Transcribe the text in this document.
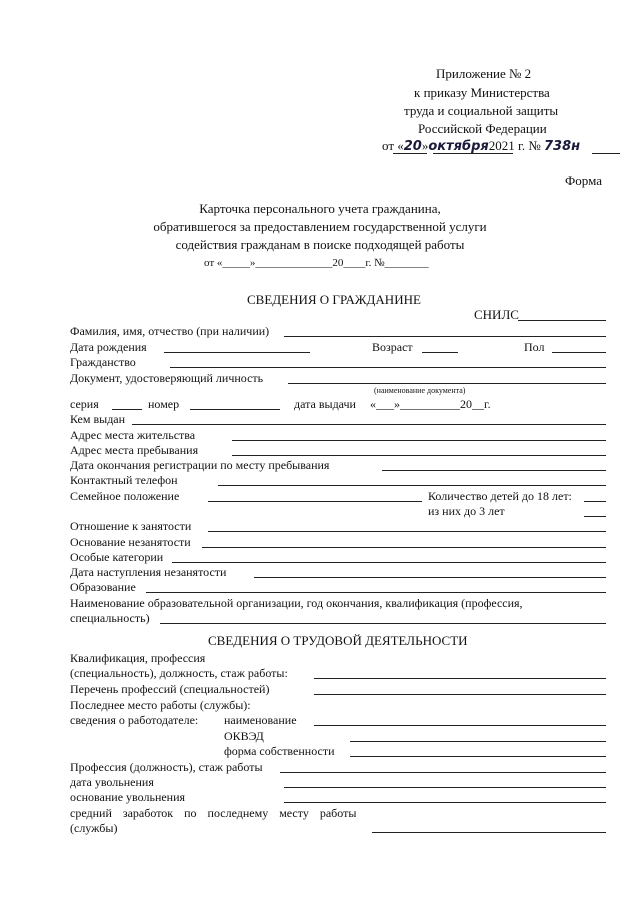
Приложение № 2
к приказу Министерства
труда и социальной защиты
Российской Федерации
от «20»октября2021 г. № 738н
Форма
Карточка персонального учета гражданина,
обратившегося за предоставлением государственной услуги
содействия гражданам в поиске подходящей работы
от «_____»______________20____г. №________
СВЕДЕНИЯ О ГРАЖДАНИНЕ
СНИЛС
Фамилия, имя, отчество (при наличии)
Дата рождения	Возраст	Пол
Гражданство
Документ, удостоверяющий личность
(наименование документа)
серия	номер	дата выдачи «___»__________20__г.
Кем выдан
Адрес места жительства
Адрес места пребывания
Дата окончания регистрации по месту пребывания
Контактный телефон
Семейное положение	Количество детей до 18 лет:
из них до 3 лет
Отношение к занятости
Основание незанятости
Особые категории
Дата наступления незанятости
Образование
Наименование образовательной организации, год окончания, квалификация (профессия,
специальность)
СВЕДЕНИЯ О ТРУДОВОЙ ДЕЯТЕЛЬНОСТИ
Квалификация, профессия
(специальность), должность, стаж работы:
Перечень профессий (специальностей)
Последнее место работы (службы):
сведения о работодателе: наименование
ОКВЭД
форма собственности
Профессия (должность), стаж работы
дата увольнения
основание увольнения
средний заработок по последнему месту работы
(службы)
